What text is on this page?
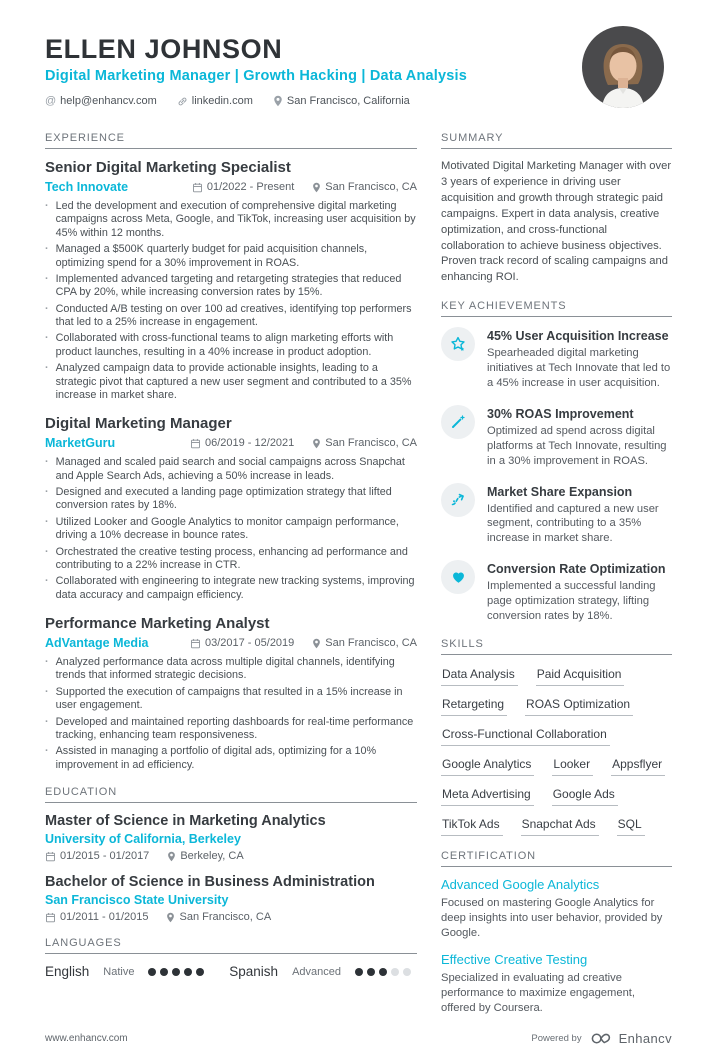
ELLEN JOHNSON
Digital Marketing Manager | Growth Hacking | Data Analysis
@ help@enhancv.com	linkedin.com	San Francisco, California
EXPERIENCE
Senior Digital Marketing Specialist
Tech Innovate	01/2022 - Present	San Francisco, CA
· Led the development and execution of comprehensive digital marketing campaigns across Meta, Google, and TikTok, increasing user acquisition by 45% within 12 months.
· Managed a $500K quarterly budget for paid acquisition channels, optimizing spend for a 30% improvement in ROAS.
· Implemented advanced targeting and retargeting strategies that reduced CPA by 20%, while increasing conversion rates by 15%.
· Conducted A/B testing on over 100 ad creatives, identifying top performers that led to a 25% increase in engagement.
· Collaborated with cross-functional teams to align marketing efforts with product launches, resulting in a 40% increase in product adoption.
· Analyzed campaign data to provide actionable insights, leading to a strategic pivot that captured a new user segment and contributed to a 35% increase in market share.
Digital Marketing Manager
MarketGuru	06/2019 - 12/2021	San Francisco, CA
· Managed and scaled paid search and social campaigns across Snapchat and Apple Search Ads, achieving a 50% increase in leads.
· Designed and executed a landing page optimization strategy that lifted conversion rates by 18%.
· Utilized Looker and Google Analytics to monitor campaign performance, driving a 10% decrease in bounce rates.
· Orchestrated the creative testing process, enhancing ad performance and contributing to a 22% increase in CTR.
· Collaborated with engineering to integrate new tracking systems, improving data accuracy and campaign efficiency.
Performance Marketing Analyst
AdVantage Media	03/2017 - 05/2019	San Francisco, CA
· Analyzed performance data across multiple digital channels, identifying trends that informed strategic decisions.
· Supported the execution of campaigns that resulted in a 15% increase in user engagement.
· Developed and maintained reporting dashboards for real-time performance tracking, enhancing team responsiveness.
· Assisted in managing a portfolio of digital ads, optimizing for a 10% improvement in ad efficiency.
EDUCATION
Master of Science in Marketing Analytics
University of California, Berkeley
01/2015 - 01/2017	Berkeley, CA
Bachelor of Science in Business Administration
San Francisco State University
01/2011 - 01/2015	San Francisco, CA
LANGUAGES
English Native	Spanish Advanced
SUMMARY
Motivated Digital Marketing Manager with over 3 years of experience in driving user acquisition and growth through strategic paid campaigns. Expert in data analysis, creative optimization, and cross-functional collaboration to achieve business objectives. Proven track record of scaling campaigns and enhancing ROI.
KEY ACHIEVEMENTS
45% User Acquisition Increase
Spearheaded digital marketing initiatives at Tech Innovate that led to a 45% increase in user acquisition.
30% ROAS Improvement
Optimized ad spend across digital platforms at Tech Innovate, resulting in a 30% improvement in ROAS.
Market Share Expansion
Identified and captured a new user segment, contributing to a 35% increase in market share.
Conversion Rate Optimization
Implemented a successful landing page optimization strategy, lifting conversion rates by 18%.
SKILLS
Data Analysis Paid Acquisition
Retargeting ROAS Optimization
Cross-Functional Collaboration
Google Analytics Looker Appsflyer
Meta Advertising Google Ads
TikTok Ads Snapchat Ads SQL
CERTIFICATION
Advanced Google Analytics
Focused on mastering Google Analytics for deep insights into user behavior, provided by Google.
Effective Creative Testing
Specialized in evaluating ad creative performance to maximize engagement, offered by Coursera.
www.enhancv.com	Powered by	Enhancv
